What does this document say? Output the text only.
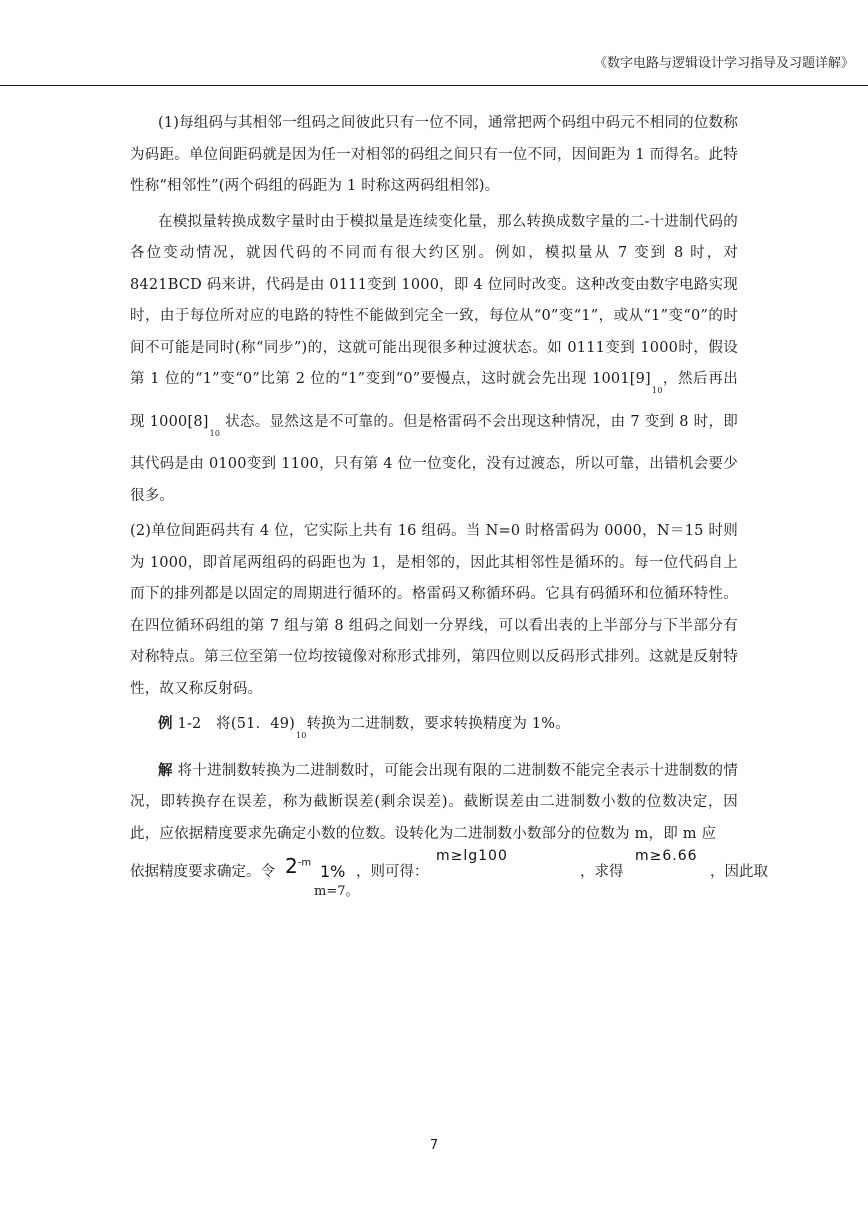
《数字电路与逻辑设计学习指导及习题详解》

(1)每组码与其相邻一组码之间彼此只有一位不同，通常把两个码组中码元不相同的位数称为码距。单位间距码就是因为任一对相邻的码组之间只有一位不同，因间距为 1 而得名。此特性称“相邻性”(两个码组的码距为 1 时称这两码组相邻)。

在模拟量转换成数字量时由于模拟量是连续变化量，那么转换成数字量的二-十进制代码的各位变动情况，就因代码的不同而有很大约区别。例如，模拟量从 7 变到 8 时，对 8421BCD 码来讲，代码是由 0111变到 1000，即 4 位同时改变。这种改变由数字电路实现时，由于每位所对应的电路的特性不能做到完全一致，每位从“0”变“1”，或从“1”变“0”的时间不可能是同时(称“同步”)的，这就可能出现很多种过渡状态。如 0111变到 1000时，假设第 1 位的“1”变“0”比第 2 位的“1”变到“0”要慢点，这时就会先出现 $1001[9]_{10}$，然后再出现 $1000[8]_{10}$ 状态。显然这是不可靠的。但是格雷码不会出现这种情况，由 7 变到 8 时，即其代码是由 0100变到 1100，只有第 4 位一位变化，没有过渡态，所以可靠，出错机会要少很多。

(2)单位间距码共有 4 位，它实际上共有 16 组码。当 N=0 时格雷码为 0000，N＝15 时则为 1000，即首尾两组码的码距也为 1，是相邻的，因此其相邻性是循环的。每一位代码自上而下的排列都是以固定的周期进行循环的。格雷码又称循环码。它具有码循环和位循环特性。在四位循环码组的第 7 组与第 8 组码之间划一分界线，可以看出表的上半部分与下半部分有对称特点。第三位至第一位均按镜像对称形式排列，第四位则以反码形式排列。这就是反射特性，故又称反射码。

例 1-2　将(51．$49)_{10}$转换为二进制数，要求转换精度为 1%。

解 将十进制数转换为二进制数时，可能会出现有限的二进制数不能完全表示十进制数的情况，即转换存在误差，称为截断误差(剩余误差)。截断误差由二进制数小数的位数决定，因此，应依据精度要求先确定小数的位数。设转化为二进制数小数部分的位数为 m，即 m 应

依据精度要求确定。令 $2^{-m}$ 1% ，则可得：
m≥lg100
，求得
m≥6.66
，因此取
m=7。
7
